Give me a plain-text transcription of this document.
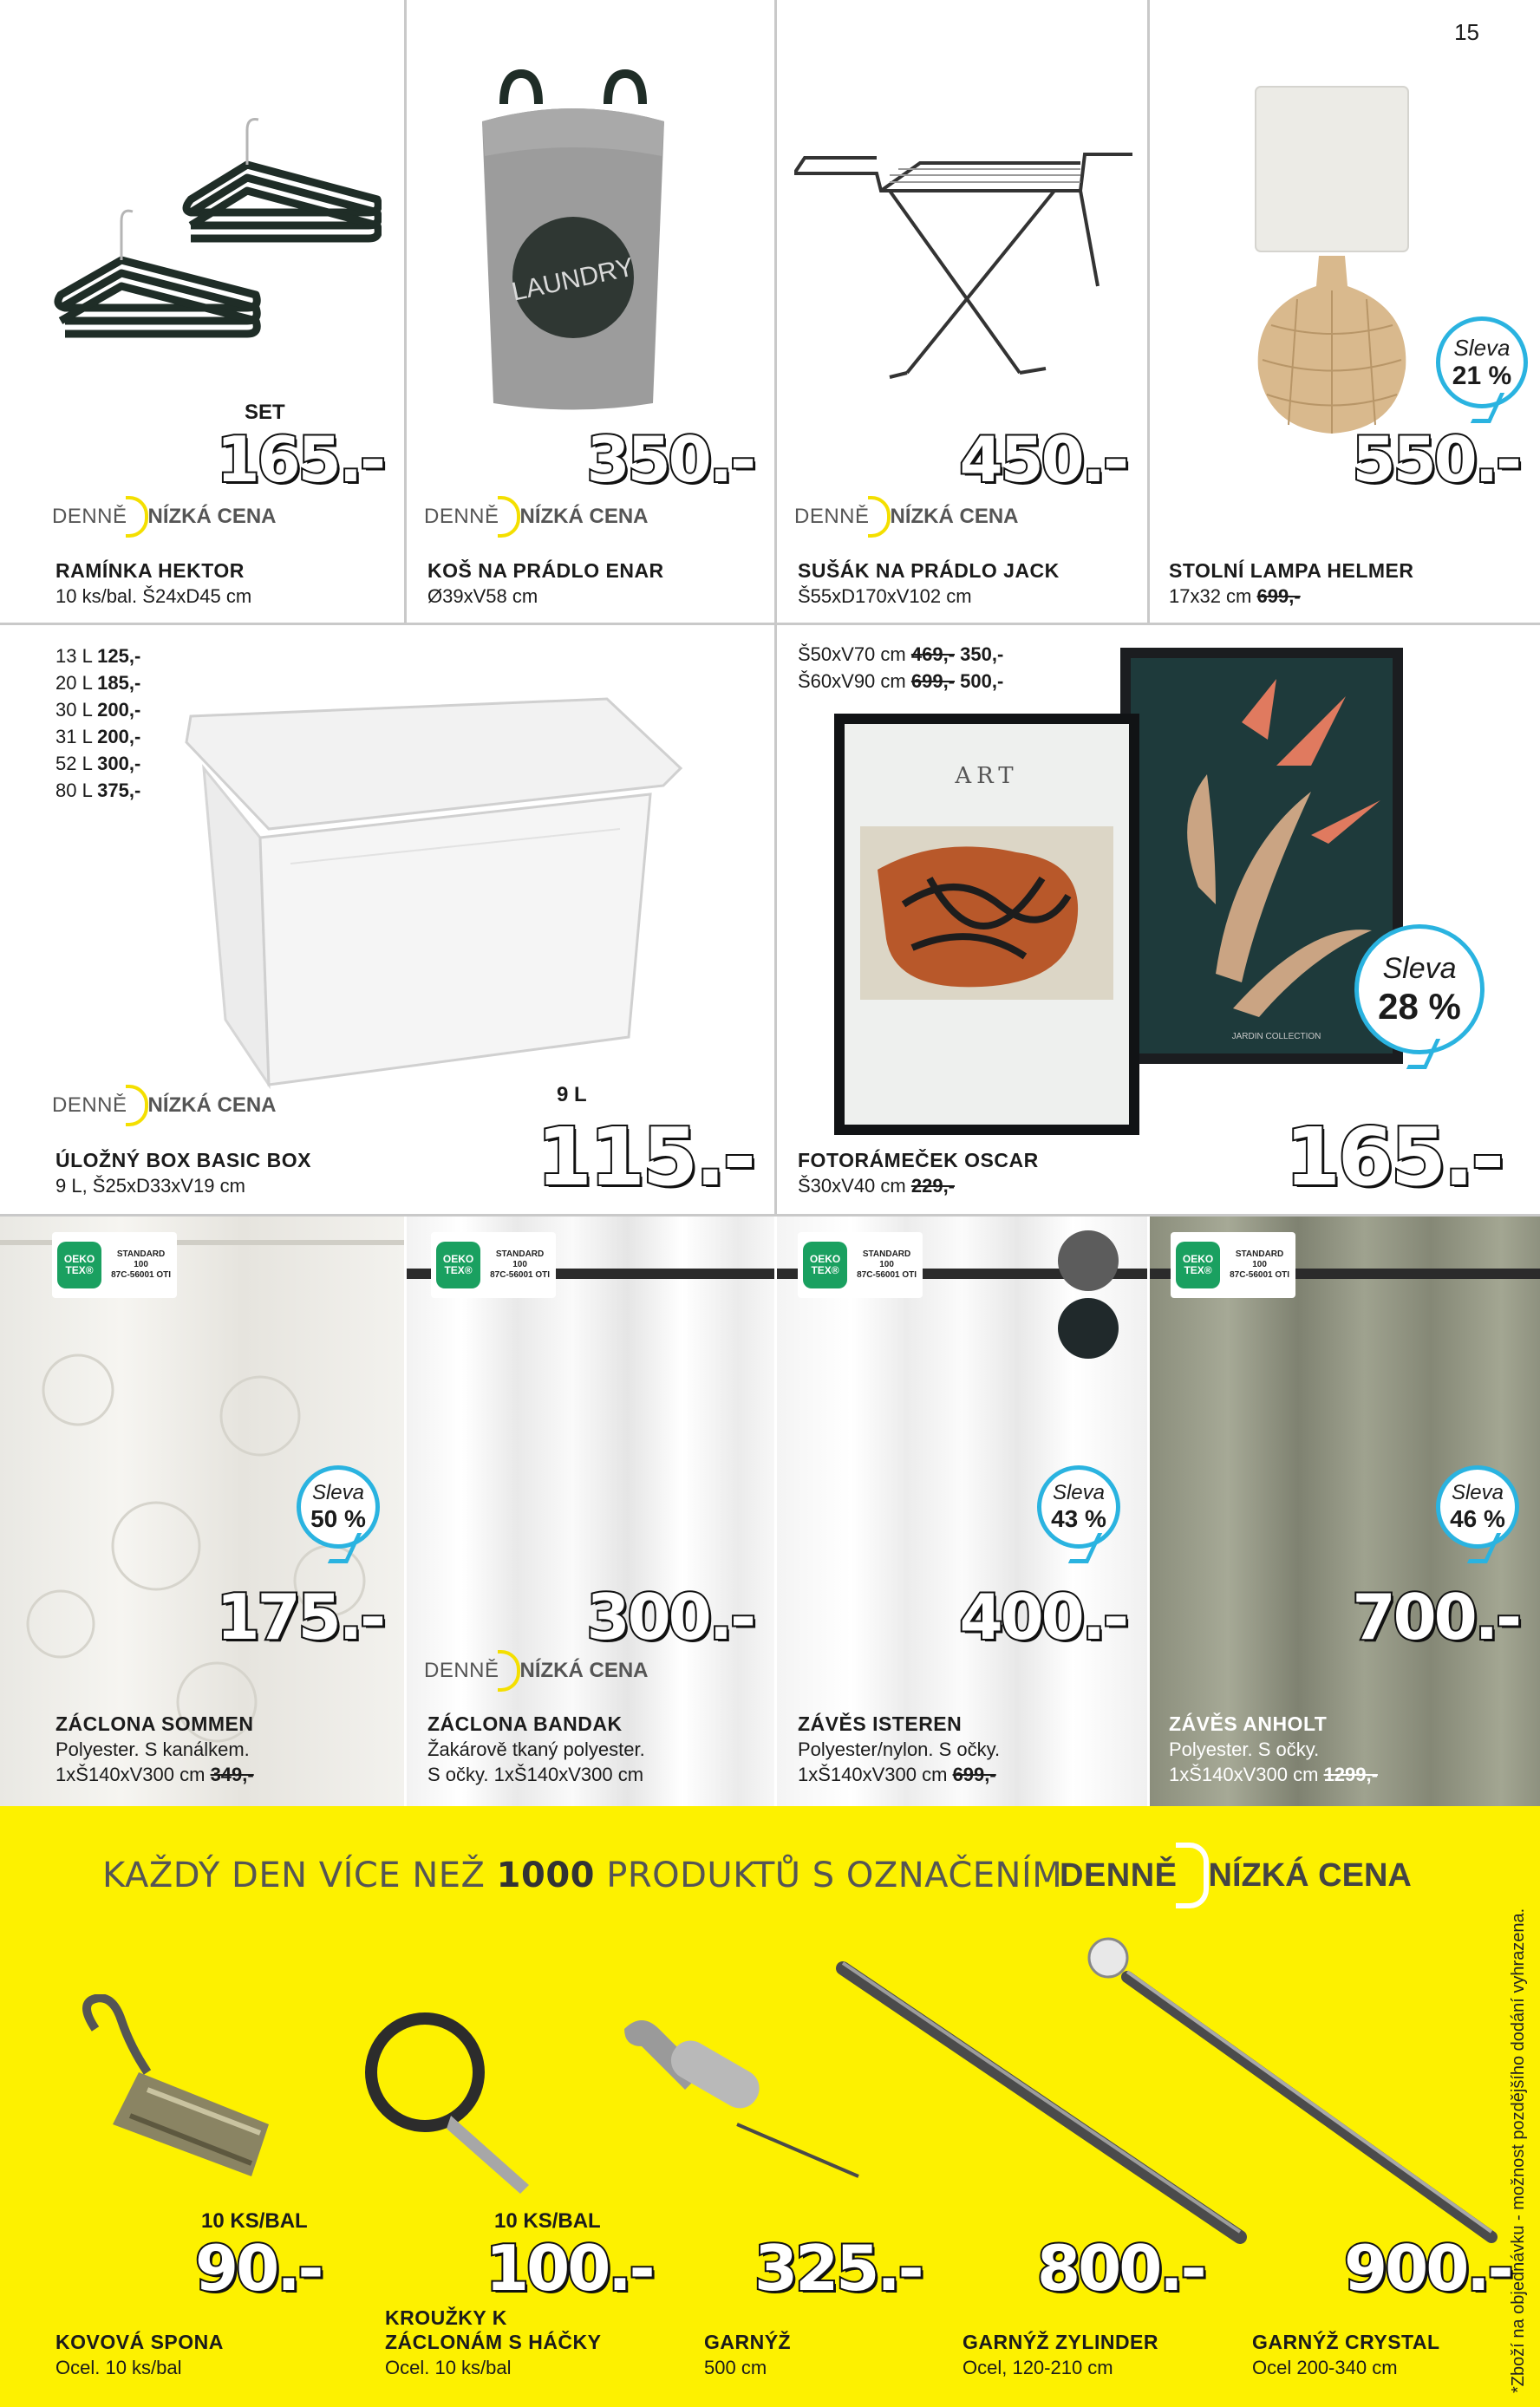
15
SET
165.-
DENNĚ NÍZKÁ CENA
RAMÍNKA HEKTOR
10 ks/bal. Š24xD45 cm
LAUNDRY
350.-
DENNĚ NÍZKÁ CENA
KOŠ NA PRÁDLO ENAR
Ø39xV58 cm
450.-
DENNĚ NÍZKÁ CENA
SUŠÁK NA PRÁDLO JACK
Š55xD170xV102 cm
Sleva
21 %
550.-
STOLNÍ LAMPA HELMER
17x32 cm 699,-
13 L 125,-
20 L 185,-
30 L 200,-
31 L 200,-
52 L 300,-
80 L 375,-
DENNĚ NÍZKÁ CENA	9 L
115.-
ÚLOŽNÝ BOX BASIC BOX
9 L, Š25xD33xV19 cm
Š50xV70 cm 469,- 350,-
Š60xV90 cm 699,- 500,-
JARDIN COLLECTION
ART
Sleva
28 %
165.-
FOTORÁMEČEK OSCAR
Š30xV40 cm 229,-
OEKO TEX®
STANDARD 100
87C-56001 OTI
Sleva
50 %
175.-
ZÁCLONA SOMMEN
Polyester. S kanálkem.
1xŠ140xV300 cm 349,-
OEKO TEX®
STANDARD 100
87C-56001 OTI
300.-
DENNĚ NÍZKÁ CENA
ZÁCLONA BANDAK
Žakárově tkaný polyester.
S očky. 1xŠ140xV300 cm
OEKO TEX®
STANDARD 100
87C-56001 OTI
Sleva
43 %
400.-
ZÁVĚS ISTEREN
Polyester/nylon. S očky.
1xŠ140xV300 cm 699,-
OEKO TEX®
STANDARD 100
87C-56001 OTI
Sleva
46 %
700.-
ZÁVĚS ANHOLT
Polyester. S očky.
1xŠ140xV300 cm 1299,-
KAŽDÝ DEN VÍCE NEŽ 1000 PRODUKTŮ S OZNAČENÍM
DENNĚ NÍZKÁ CENA
*Zboží na objednávku - možnost pozdějšího dodání vyhrazena.
10 KS/BAL
90.-
KOVOVÁ SPONA
Ocel. 10 ks/bal
10 KS/BAL
100.-
KROUŽKY K
ZÁCLONÁM S HÁČKY
Ocel. 10 ks/bal
325.-
GARNÝŽ
500 cm
800.-
GARNÝŽ ZYLINDER
Ocel, 120-210 cm
900.-
GARNÝŽ CRYSTAL
Ocel 200-340 cm
